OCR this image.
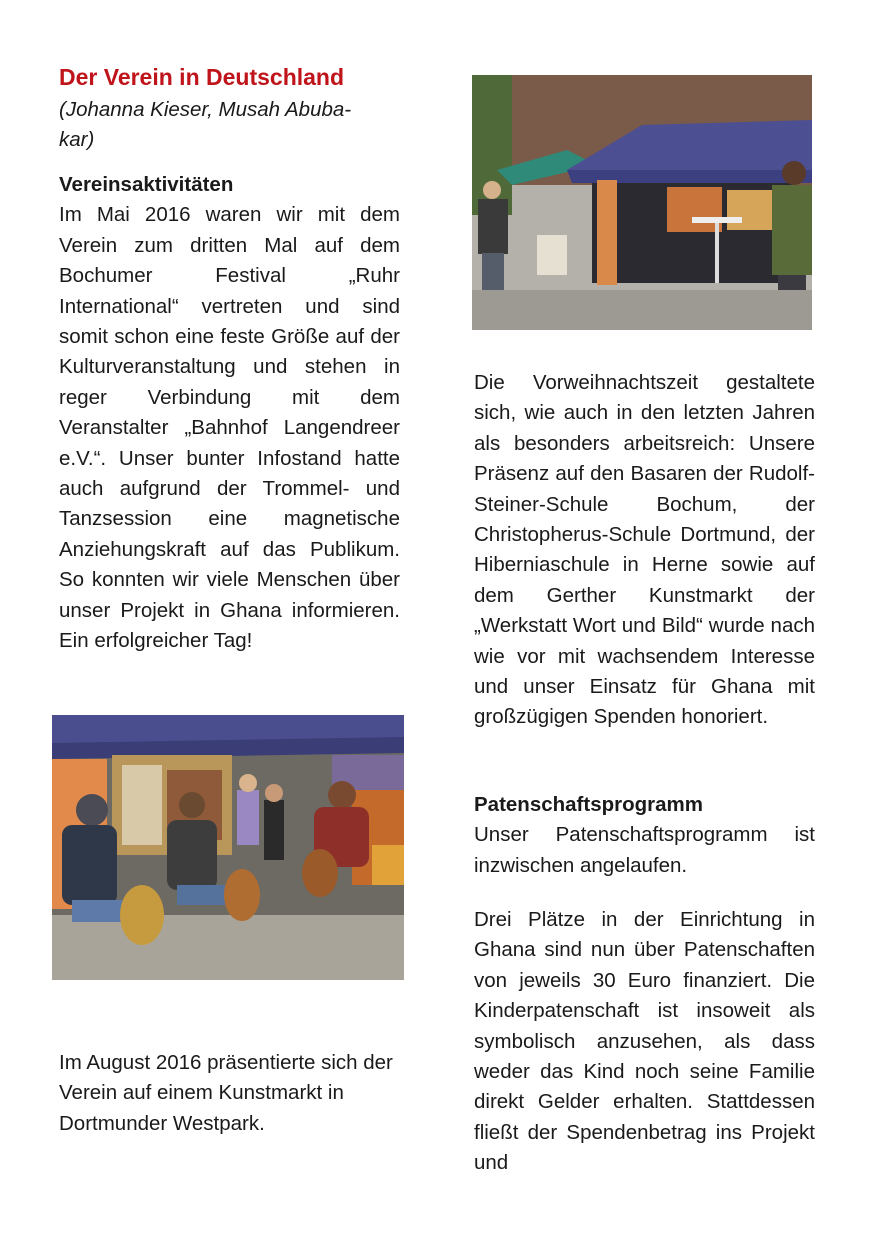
Der Verein in Deutschland

(Johanna Kieser, Musah Abuba-
kar)

Vereinsaktivitäten

Im Mai 2016 waren wir mit dem Verein zum dritten Mal auf dem Bochumer Festival „Ruhr International“ vertreten und sind somit schon eine feste Größe auf der Kulturveranstaltung und stehen in reger Verbindung mit dem Veranstalter „Bahnhof Langendreer e.V.“. Unser bunter Infostand hatte auch aufgrund der Trommel- und Tanzsession eine magnetische Anziehungskraft auf das Publikum. So konnten wir viele Menschen über unser Projekt in Ghana informieren. Ein erfolgreicher Tag!

Im August 2016 präsentierte sich der Verein auf einem Kunstmarkt in Dortmunder Westpark.

Die Vorweihnachtszeit gestaltete sich, wie auch in den letzten Jahren als besonders arbeitsreich: Unsere Präsenz auf den Basaren der Rudolf-Steiner-Schule Bochum, der Christopherus-Schule Dortmund, der Hiberniaschule in Herne sowie auf dem Gerther Kunstmarkt der „Werkstatt Wort und Bild“ wurde nach wie vor mit wachsendem Interesse und unser Einsatz für Ghana mit großzügigen Spenden honoriert.

Patenschaftsprogramm

Unser Patenschaftsprogramm ist inzwischen angelaufen.

Drei Plätze in der Einrichtung in Ghana sind nun über Patenschaften von jeweils 30 Euro finanziert. Die Kinderpatenschaft ist insoweit als symbolisch anzusehen, als dass weder das Kind noch seine Familie direkt Gelder erhalten. Stattdessen fließt der Spendenbetrag ins Projekt und
